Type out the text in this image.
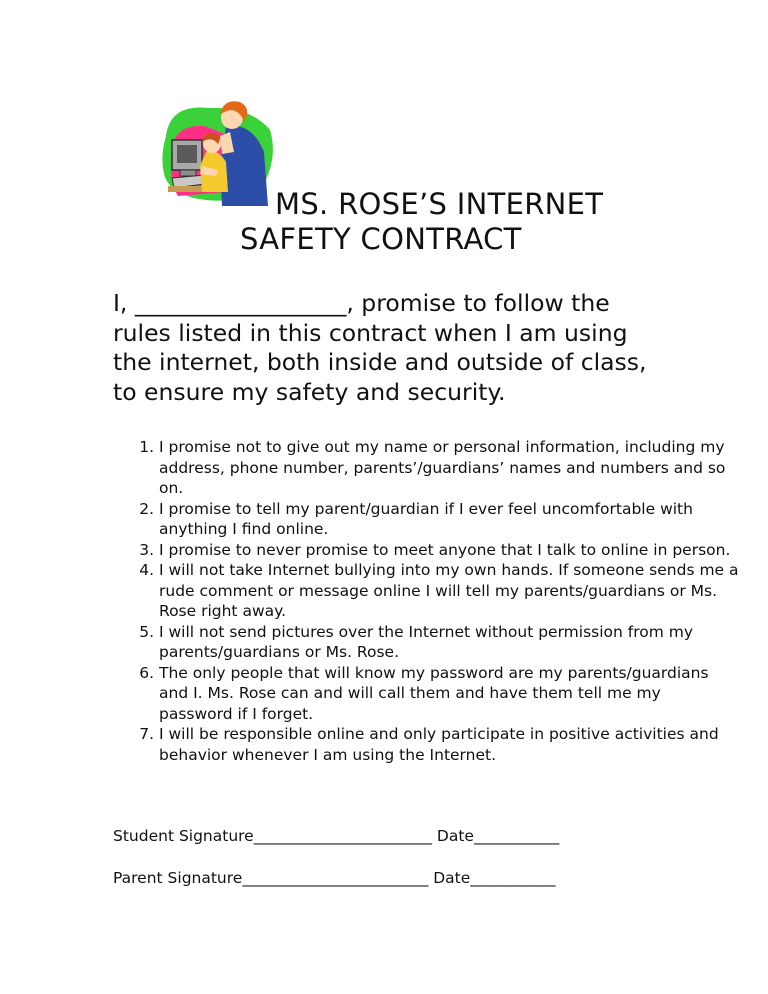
MS. ROSE’S INTERNET
SAFETY CONTRACT

I, __________________, promise to follow the rules listed in this contract when I am using the internet, both inside and outside of class, to ensure my safety and security.

1. I promise not to give out my name or personal information, including my address, phone number, parents’/guardians’ names and numbers and so on.
2. I promise to tell my parent/guardian if I ever feel uncomfortable with anything I find online.
3. I promise to never promise to meet anyone that I talk to online in person.
4. I will not take Internet bullying into my own hands. If someone sends me a rude comment or message online I will tell my parents/guardians or Ms. Rose right away.
5. I will not send pictures over the Internet without permission from my parents/guardians or Ms. Rose.
6. The only people that will know my password are my parents/guardians and I. Ms. Rose can and will call them and have them tell me my password if I forget.
7. I will be responsible online and only participate in positive activities and behavior whenever I am using the Internet.
Student Signature_______________________ Date___________
Parent Signature________________________ Date___________
